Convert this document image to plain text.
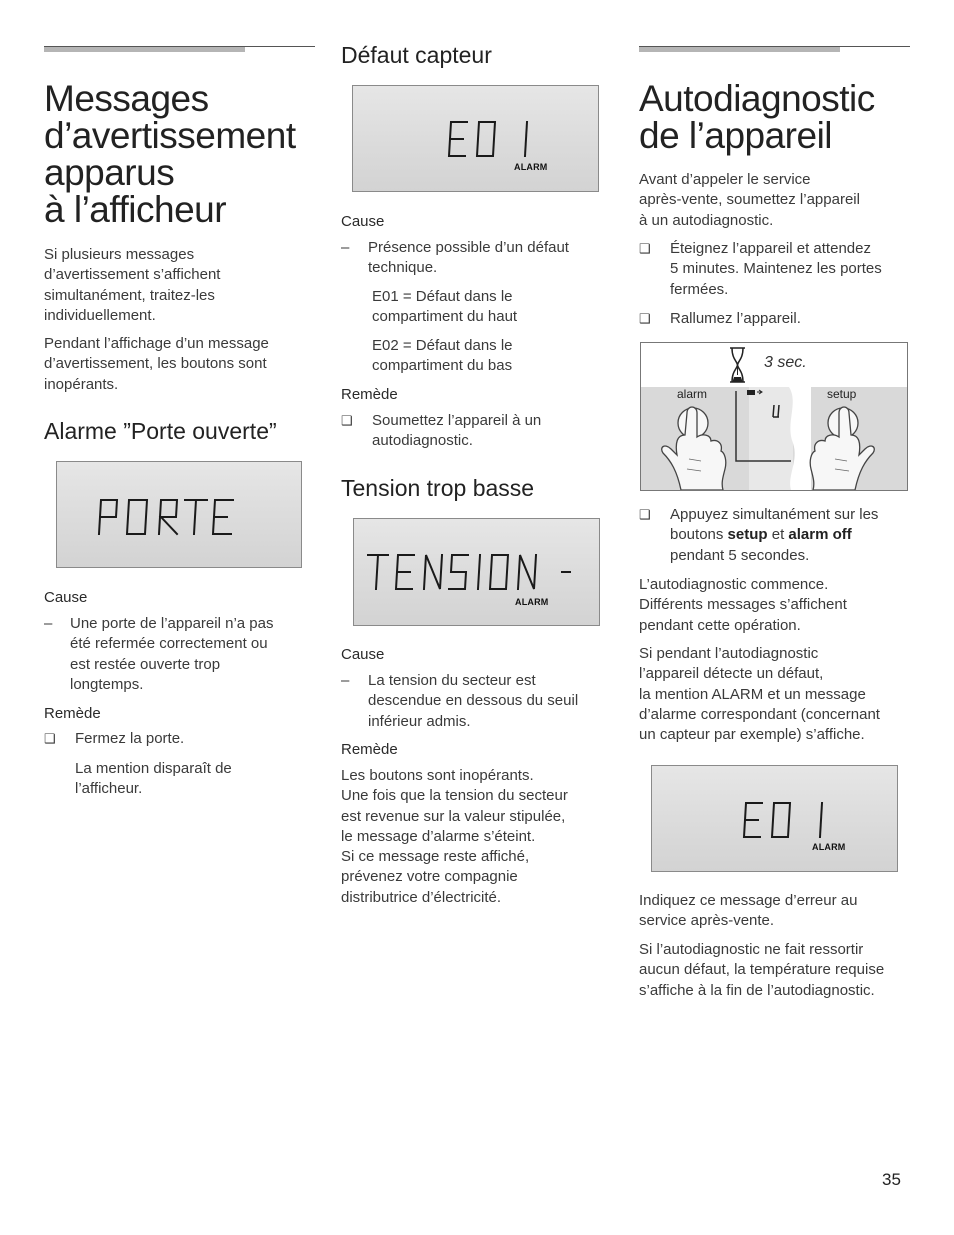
Messages
d’avertissement
apparus
à l’afficheur

Si plusieurs messages
d’avertissement s’affichent
simultanément, traitez-les
individuellement.

Pendant l’affichage d’un message
d’avertissement, les boutons sont
inopérants.

Alarme ”Porte ouverte”

Cause

– Une porte de l’appareil n’a pas
été refermée correctement ou
est restée ouverte trop
longtemps.

Remède

❑ Fermez la porte.

La mention disparaît de
l’afficheur.

Défaut capteur
ALARM

Cause

– Présence possible d’un défaut
technique.

E01 = Défaut dans le
compartiment du haut

E02 = Défaut dans le
compartiment du bas

Remède

❑ Soumettez l’appareil à un
autodiagnostic.

Tension trop basse
ALARM

Cause

– La tension du secteur est
descendue en dessous du seuil
inférieur admis.

Remède

Les boutons sont inopérants.
Une fois que la tension du secteur
est revenue sur la valeur stipulée,
le message d’alarme s’éteint.
Si ce message reste affiché,
prévenez votre compagnie
distributrice d’électricité.

Autodiagnostic
de l’appareil

Avant d’appeler le service
après-vente, soumettez l’appareil
à un autodiagnostic.

❑ Éteignez l’appareil et attendez
5 minutes. Maintenez les portes
fermées.

❑ Rallumez l’appareil.

3 sec.
alarm	setup
❑ Appuyez simultanément sur les
boutons setup et alarm off
pendant 5 secondes.

L’autodiagnostic commence.
Différents messages s’affichent
pendant cette opération.

Si pendant l’autodiagnostic
l’appareil détecte un défaut,
la mention ALARM et un message
d’alarme correspondant (concernant
un capteur par exemple) s’affiche.

ALARM

Indiquez ce message d’erreur au
service après-vente.

Si l’autodiagnostic ne fait ressortir
aucun défaut, la température requise
s’affiche à la fin de l’autodiagnostic.

35
